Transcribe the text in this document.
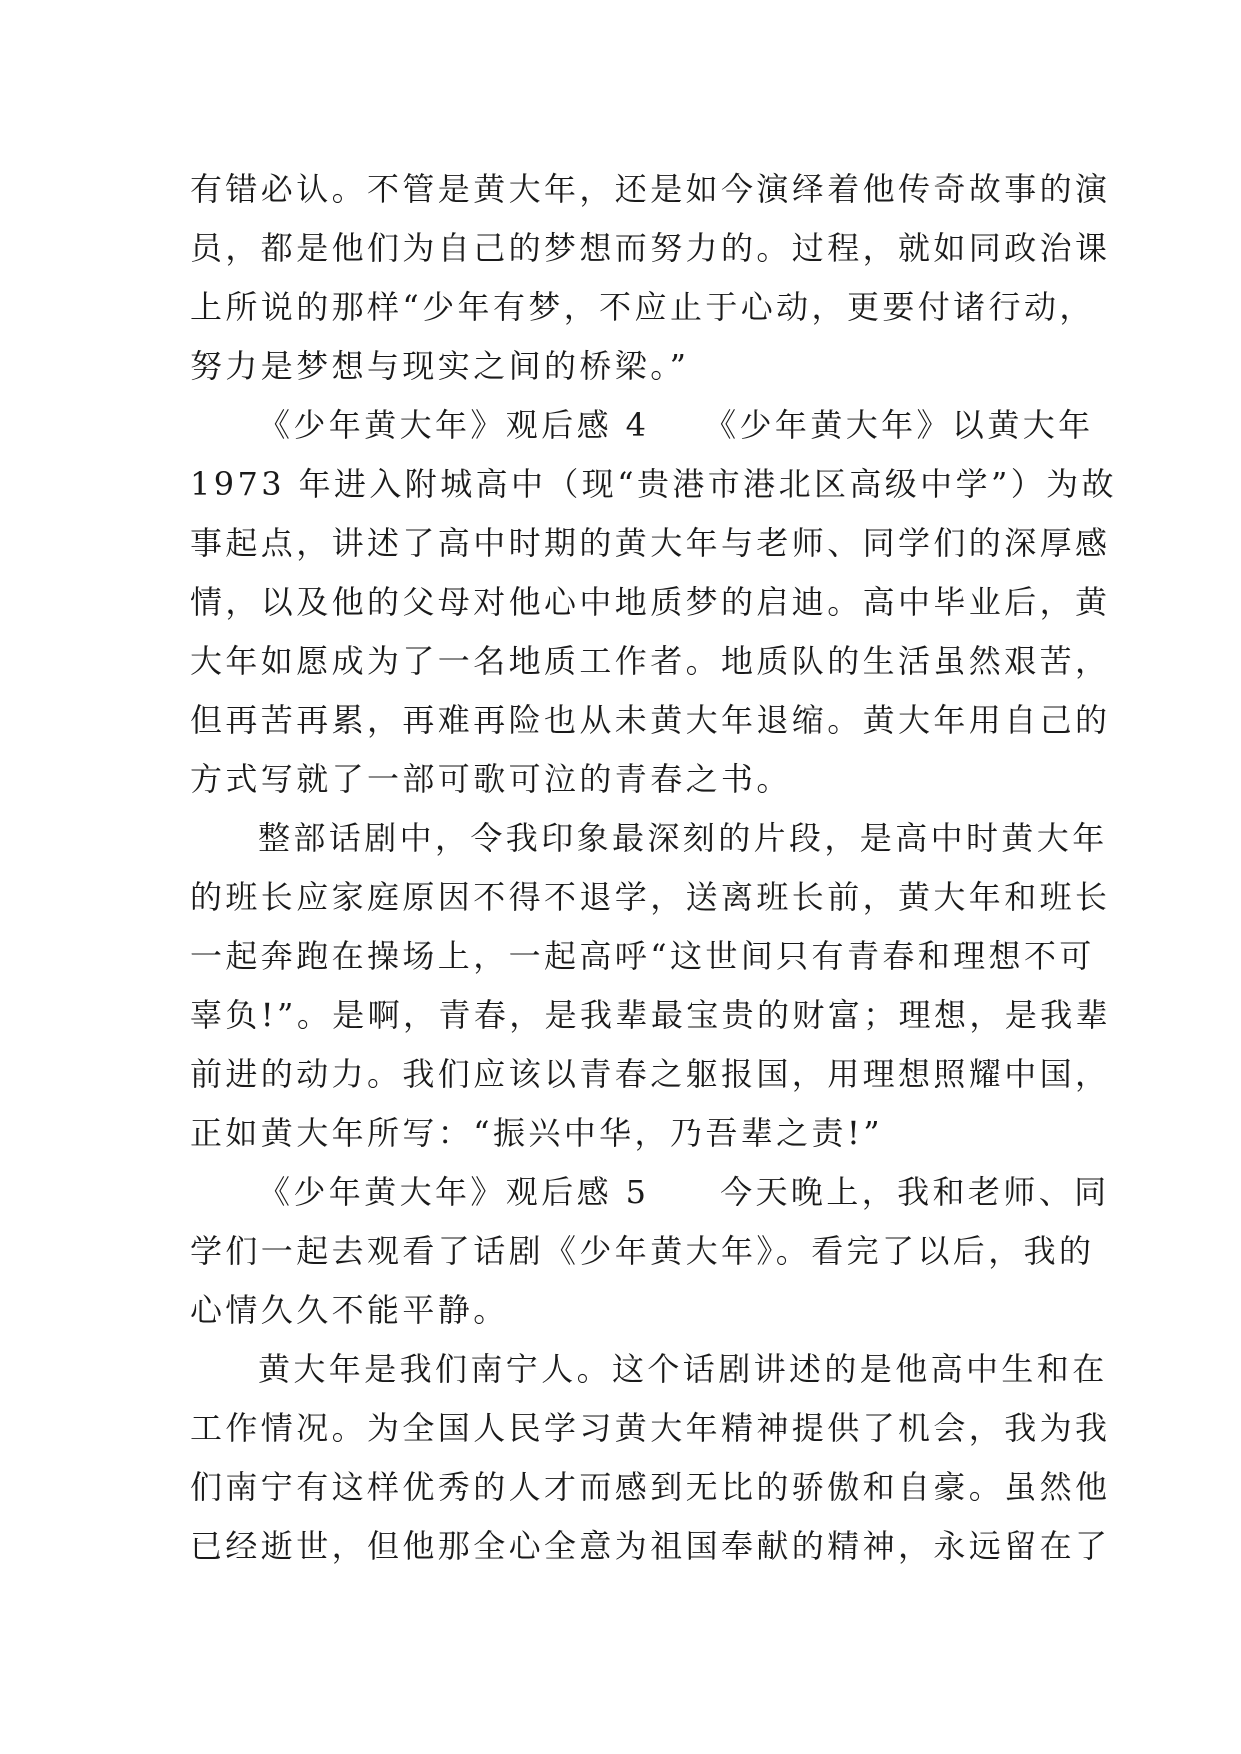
有错必认。不管是黄大年，还是如今演绎着他传奇故事的演
员，都是他们为自己的梦想而努力的。过程，就如同政治课
上所说的那样“少年有梦，不应止于心动，更要付诸行动，
努力是梦想与现实之间的桥梁。”
《少年黄大年》观后感 4　　《少年黄大年》以黄大年
1973 年进入附城高中（现“贵港市港北区高级中学”）为故
事起点，讲述了高中时期的黄大年与老师、同学们的深厚感
情，以及他的父母对他心中地质梦的启迪。高中毕业后，黄
大年如愿成为了一名地质工作者。地质队的生活虽然艰苦，
但再苦再累，再难再险也从未黄大年退缩。黄大年用自己的
方式写就了一部可歌可泣的青春之书。
整部话剧中，令我印象最深刻的片段，是高中时黄大年
的班长应家庭原因不得不退学，送离班长前，黄大年和班长
一起奔跑在操场上，一起高呼“这世间只有青春和理想不可
辜负!”。是啊，青春，是我辈最宝贵的财富；理想，是我辈
前进的动力。我们应该以青春之躯报国，用理想照耀中国，
正如黄大年所写：“振兴中华，乃吾辈之责!”
《少年黄大年》观后感 5　　今天晚上，我和老师、同
学们一起去观看了话剧《少年黄大年》。看完了以后，我的
心情久久不能平静。
黄大年是我们南宁人。这个话剧讲述的是他高中生和在
工作情况。为全国人民学习黄大年精神提供了机会，我为我
们南宁有这样优秀的人才而感到无比的骄傲和自豪。虽然他
已经逝世，但他那全心全意为祖国奉献的精神，永远留在了
